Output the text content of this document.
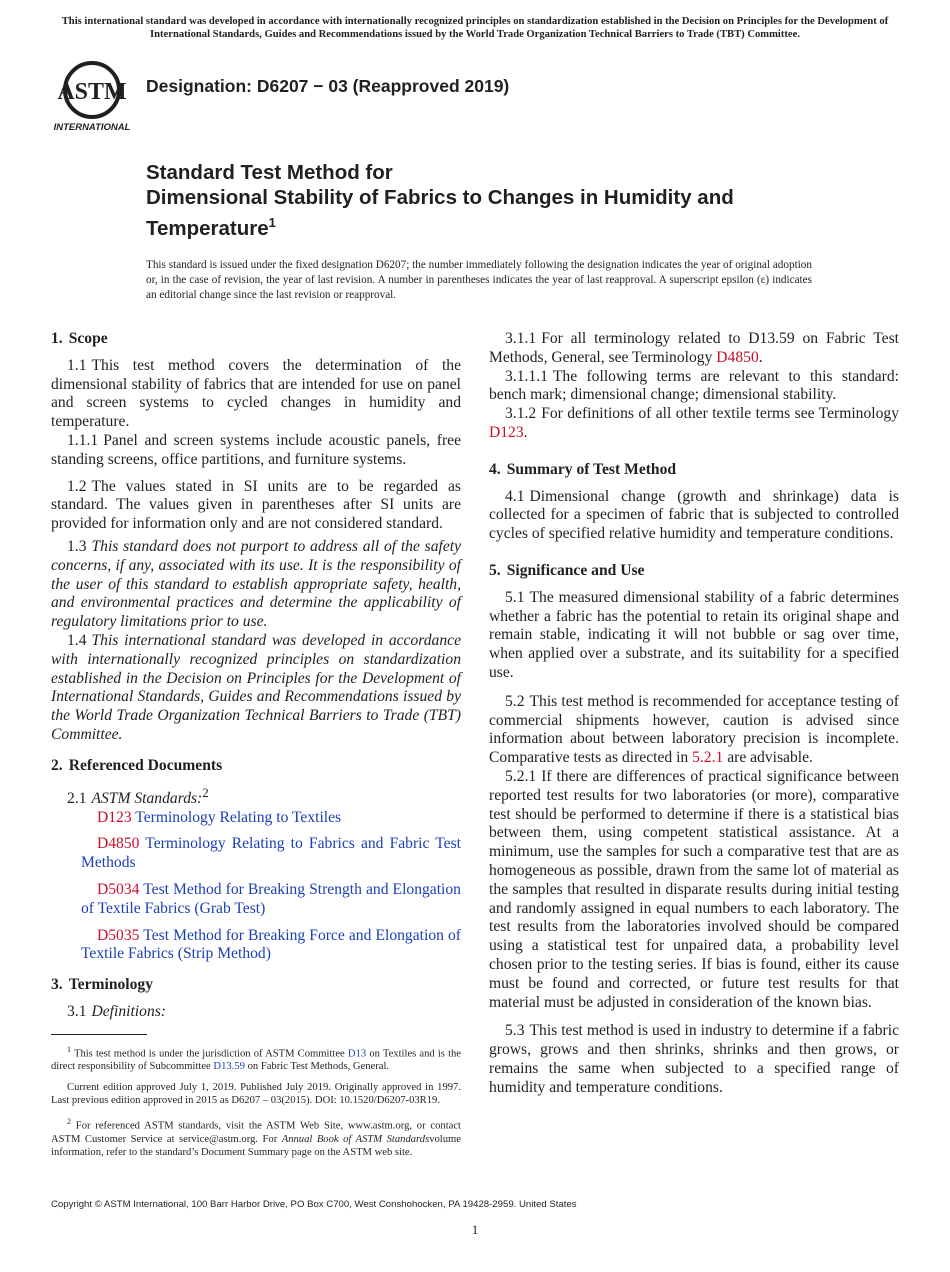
This international standard was developed in accordance with internationally recognized principles on standardization established in the Decision on Principles for the Development of International Standards, Guides and Recommendations issued by the World Trade Organization Technical Barriers to Trade (TBT) Committee.
ASTM
INTERNATIONAL
Designation: D6207 − 03 (Reapproved 2019)
Standard Test Method for
Dimensional Stability of Fabrics to Changes in Humidity and Temperature$^1$
This standard is issued under the fixed designation D6207; the number immediately following the designation indicates the year of original adoption or, in the case of revision, the year of last revision. A number in parentheses indicates the year of last reapproval. A superscript epsilon (ε) indicates an editorial change since the last revision or reapproval.
1. Scope

1.1 This test method covers the determination of the dimensional stability of fabrics that are intended for use on panel and screen systems to cycled changes in humidity and temperature.

1.1.1 Panel and screen systems include acoustic panels, free standing screens, office partitions, and furniture systems.

1.2 The values stated in SI units are to be regarded as standard. The values given in parentheses after SI units are provided for information only and are not considered standard.

1.3 This standard does not purport to address all of the safety concerns, if any, associated with its use. It is the responsibility of the user of this standard to establish appropriate safety, health, and environmental practices and determine the applicability of regulatory limitations prior to use.

1.4 This international standard was developed in accordance with internationally recognized principles on standardization established in the Decision on Principles for the Development of International Standards, Guides and Recommendations issued by the World Trade Organization Technical Barriers to Trade (TBT) Committee.

2. Referenced Documents

2.1 ASTM Standards:$^2$

D123 Terminology Relating to Textiles

D4850 Terminology Relating to Fabrics and Fabric Test Methods

D5034 Test Method for Breaking Strength and Elongation of Textile Fabrics (Grab Test)

D5035 Test Method for Breaking Force and Elongation of Textile Fabrics (Strip Method)

3. Terminology

3.1 Definitions:

$^1$ This test method is under the jurisdiction of ASTM Committee D13 on Textiles and is the direct responsibility of Subcommittee D13.59 on Fabric Test Methods, General.

Current edition approved July 1, 2019. Published July 2019. Originally approved in 1997. Last previous edition approved in 2015 as D6207 – 03(2015). DOI: 10.1520/D6207-03R19.

$^2$ For referenced ASTM standards, visit the ASTM Web Site, www.astm.org, or contact ASTM Customer Service at service@astm.org. For Annual Book of ASTM Standardsvolume information, refer to the standard’s Document Summary page on the ASTM web site.

3.1.1 For all terminology related to D13.59 on Fabric Test Methods, General, see Terminology D4850.

3.1.1.1 The following terms are relevant to this standard: bench mark; dimensional change; dimensional stability.

3.1.2 For definitions of all other textile terms see Terminology D123.

4. Summary of Test Method

4.1 Dimensional change (growth and shrinkage) data is collected for a specimen of fabric that is subjected to controlled cycles of specified relative humidity and temperature conditions.

5. Significance and Use

5.1 The measured dimensional stability of a fabric determines whether a fabric has the potential to retain its original shape and remain stable, indicating it will not bubble or sag over time, when applied over a substrate, and its suitability for a specified use.

5.2 This test method is recommended for acceptance testing of commercial shipments however, caution is advised since information about between laboratory precision is incomplete. Comparative tests as directed in 5.2.1 are advisable.

5.2.1 If there are differences of practical significance between reported test results for two laboratories (or more), comparative test should be performed to determine if there is a statistical bias between them, using competent statistical assistance. At a minimum, use the samples for such a comparative test that are as homogeneous as possible, drawn from the same lot of material as the samples that resulted in disparate results during initial testing and randomly assigned in equal numbers to each laboratory. The test results from the laboratories involved should be compared using a statistical test for unpaired data, a probability level chosen prior to the testing series. If bias is found, either its cause must be found and corrected, or future test results for that material must be adjusted in consideration of the known bias.

5.3 This test method is used in industry to determine if a fabric grows, grows and then shrinks, shrinks and then grows, or remains the same when subjected to a specified range of humidity and temperature conditions.

Copyright © ASTM International, 100 Barr Harbor Drive, PO Box C700, West Conshohocken, PA 19428-2959. United States
1
